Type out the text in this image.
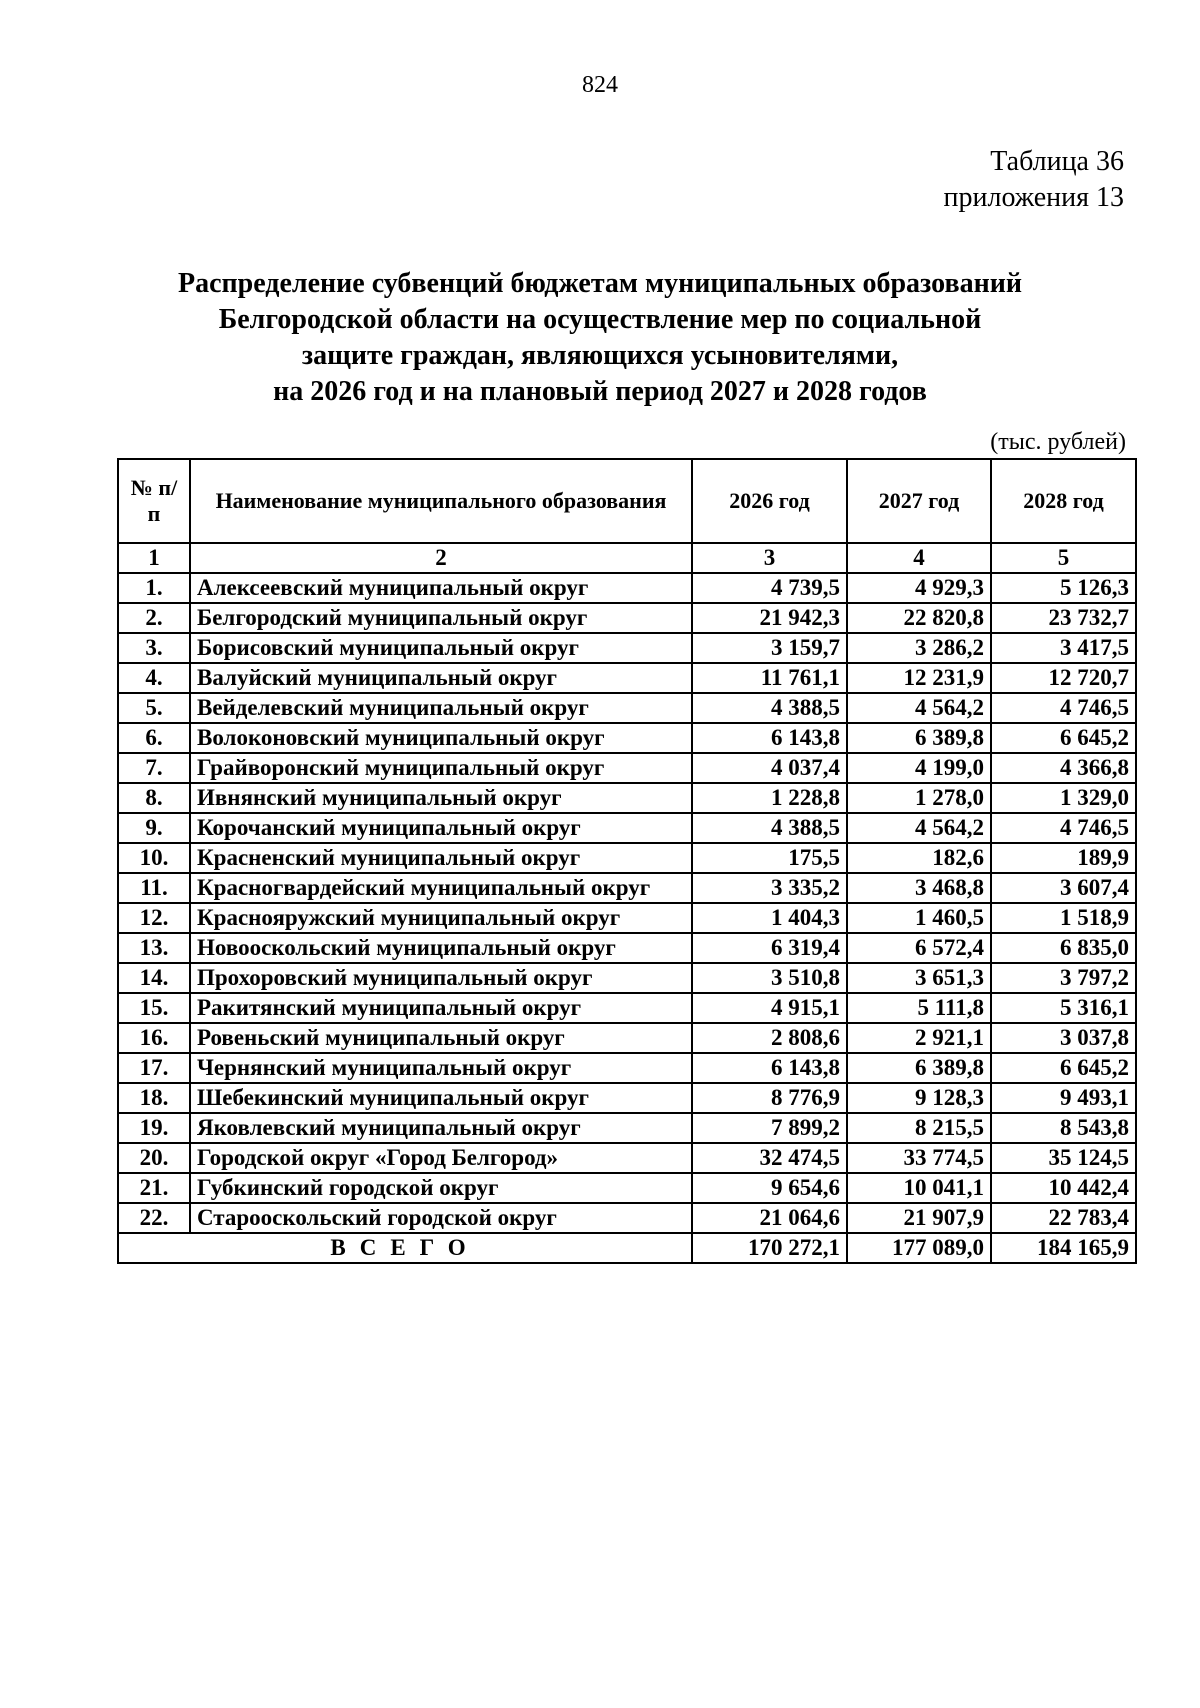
824
Таблица 36
приложения 13
Распределение субвенций бюджетам муниципальных образований
Белгородской области на осуществление мер по социальной
защите граждан, являющихся усыновителями,
на 2026 год и на плановый период 2027 и 2028 годов
(тыс. рублей)
№ п/п	Наименование муниципального образования	2026 год	2027 год	2028 год
1	2	3	4	5
1.	Алексеевский муниципальный округ	4 739,5	4 929,3	5 126,3
2.	Белгородский муниципальный округ	21 942,3	22 820,8	23 732,7
3.	Борисовский муниципальный округ	3 159,7	3 286,2	3 417,5
4.	Валуйский муниципальный округ	11 761,1	12 231,9	12 720,7
5.	Вейделевский муниципальный округ	4 388,5	4 564,2	4 746,5
6.	Волоконовский муниципальный округ	6 143,8	6 389,8	6 645,2
7.	Грайворонский муниципальный округ	4 037,4	4 199,0	4 366,8
8.	Ивнянский муниципальный округ	1 228,8	1 278,0	1 329,0
9.	Корочанский муниципальный округ	4 388,5	4 564,2	4 746,5
10.	Красненский муниципальный округ	175,5	182,6	189,9
11.	Красногвардейский муниципальный округ	3 335,2	3 468,8	3 607,4
12.	Краснояружский муниципальный округ	1 404,3	1 460,5	1 518,9
13.	Новооскольский муниципальный округ	6 319,4	6 572,4	6 835,0
14.	Прохоровский муниципальный округ	3 510,8	3 651,3	3 797,2
15.	Ракитянский муниципальный округ	4 915,1	5 111,8	5 316,1
16.	Ровеньский муниципальный округ	2 808,6	2 921,1	3 037,8
17.	Чернянский муниципальный округ	6 143,8	6 389,8	6 645,2
18.	Шебекинский муниципальный округ	8 776,9	9 128,3	9 493,1
19.	Яковлевский муниципальный округ	7 899,2	8 215,5	8 543,8
20.	Городской округ «Город Белгород»	32 474,5	33 774,5	35 124,5
21.	Губкинский городской округ	9 654,6	10 041,1	10 442,4
22.	Старооскольский городской округ	21 064,6	21 907,9	22 783,4
ВСЕГО		170 272,1	177 089,0	184 165,9
